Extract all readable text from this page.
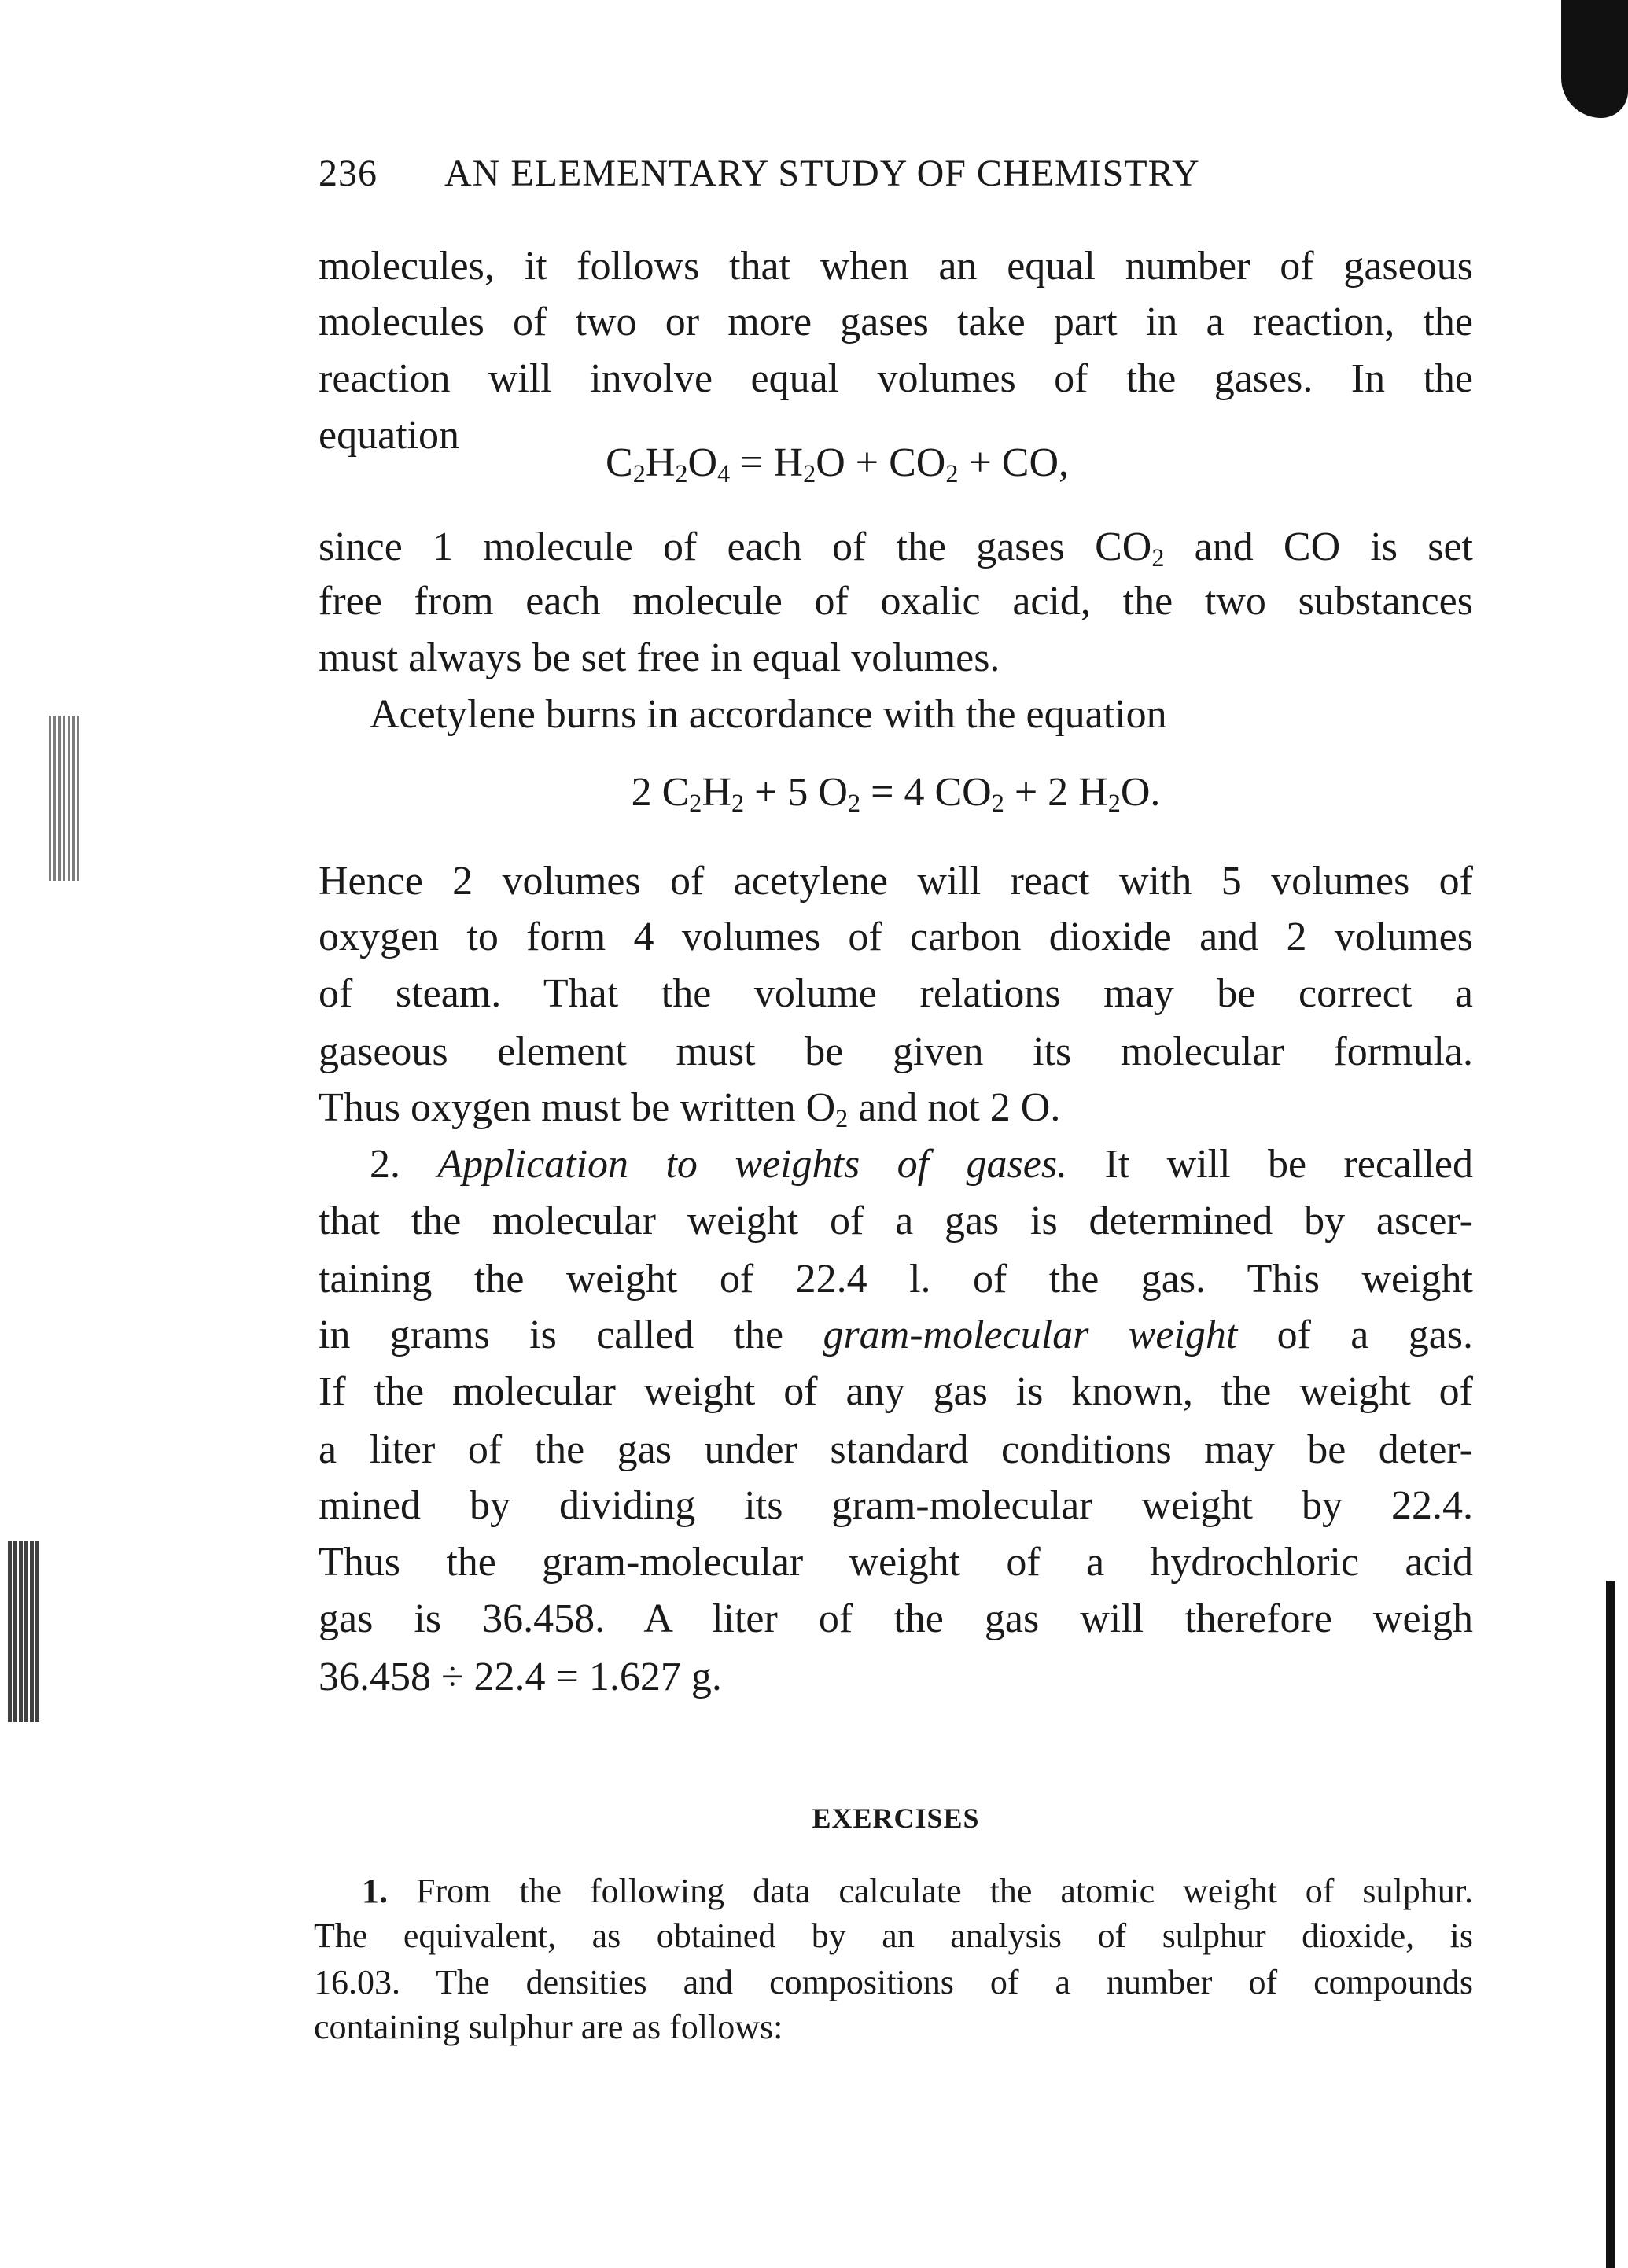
236 AN ELEMENTARY STUDY OF CHEMISTRY
molecules, it follows that when an equal number of gaseous
molecules of two or more gases take part in a reaction, the
reaction will involve equal volumes of the gases. In the
equation
$C_2H_2O_4 = H_2O + CO_2$ + CO,
since 1 molecule of each of the gases $CO_2$ and CO is set
free from each molecule of oxalic acid, the two substances
must always be set free in equal volumes.
Acetylene burns in accordance with the equation
2 $C_2H_2 + 5$ $O_2 = 4$ $CO_2 + 2$ $H_2O$.
Hence 2 volumes of acetylene will react with 5 volumes of
oxygen to form 4 volumes of carbon dioxide and 2 volumes
of steam. That the volume relations may be correct a
gaseous element must be given its molecular formula.
Thus oxygen must be written $O_2$ and not 2 O.
2. Application to weights of gases. It will be recalled
that the molecular weight of a gas is determined by ascer-
taining the weight of 22.4 l. of the gas. This weight
in grams is called the gram-molecular weight of a gas.
If the molecular weight of any gas is known, the weight of
a liter of the gas under standard conditions may be deter-
mined by dividing its gram-molecular weight by 22.4.
Thus the gram-molecular weight of a hydrochloric acid
gas is 36.458. A liter of the gas will therefore weigh
36.458 ÷ 22.4 = 1.627 g.
EXERCISES
1. From the following data calculate the atomic weight of sulphur.
The equivalent, as obtained by an analysis of sulphur dioxide, is
16.03. The densities and compositions of a number of compounds
containing sulphur are as follows:
